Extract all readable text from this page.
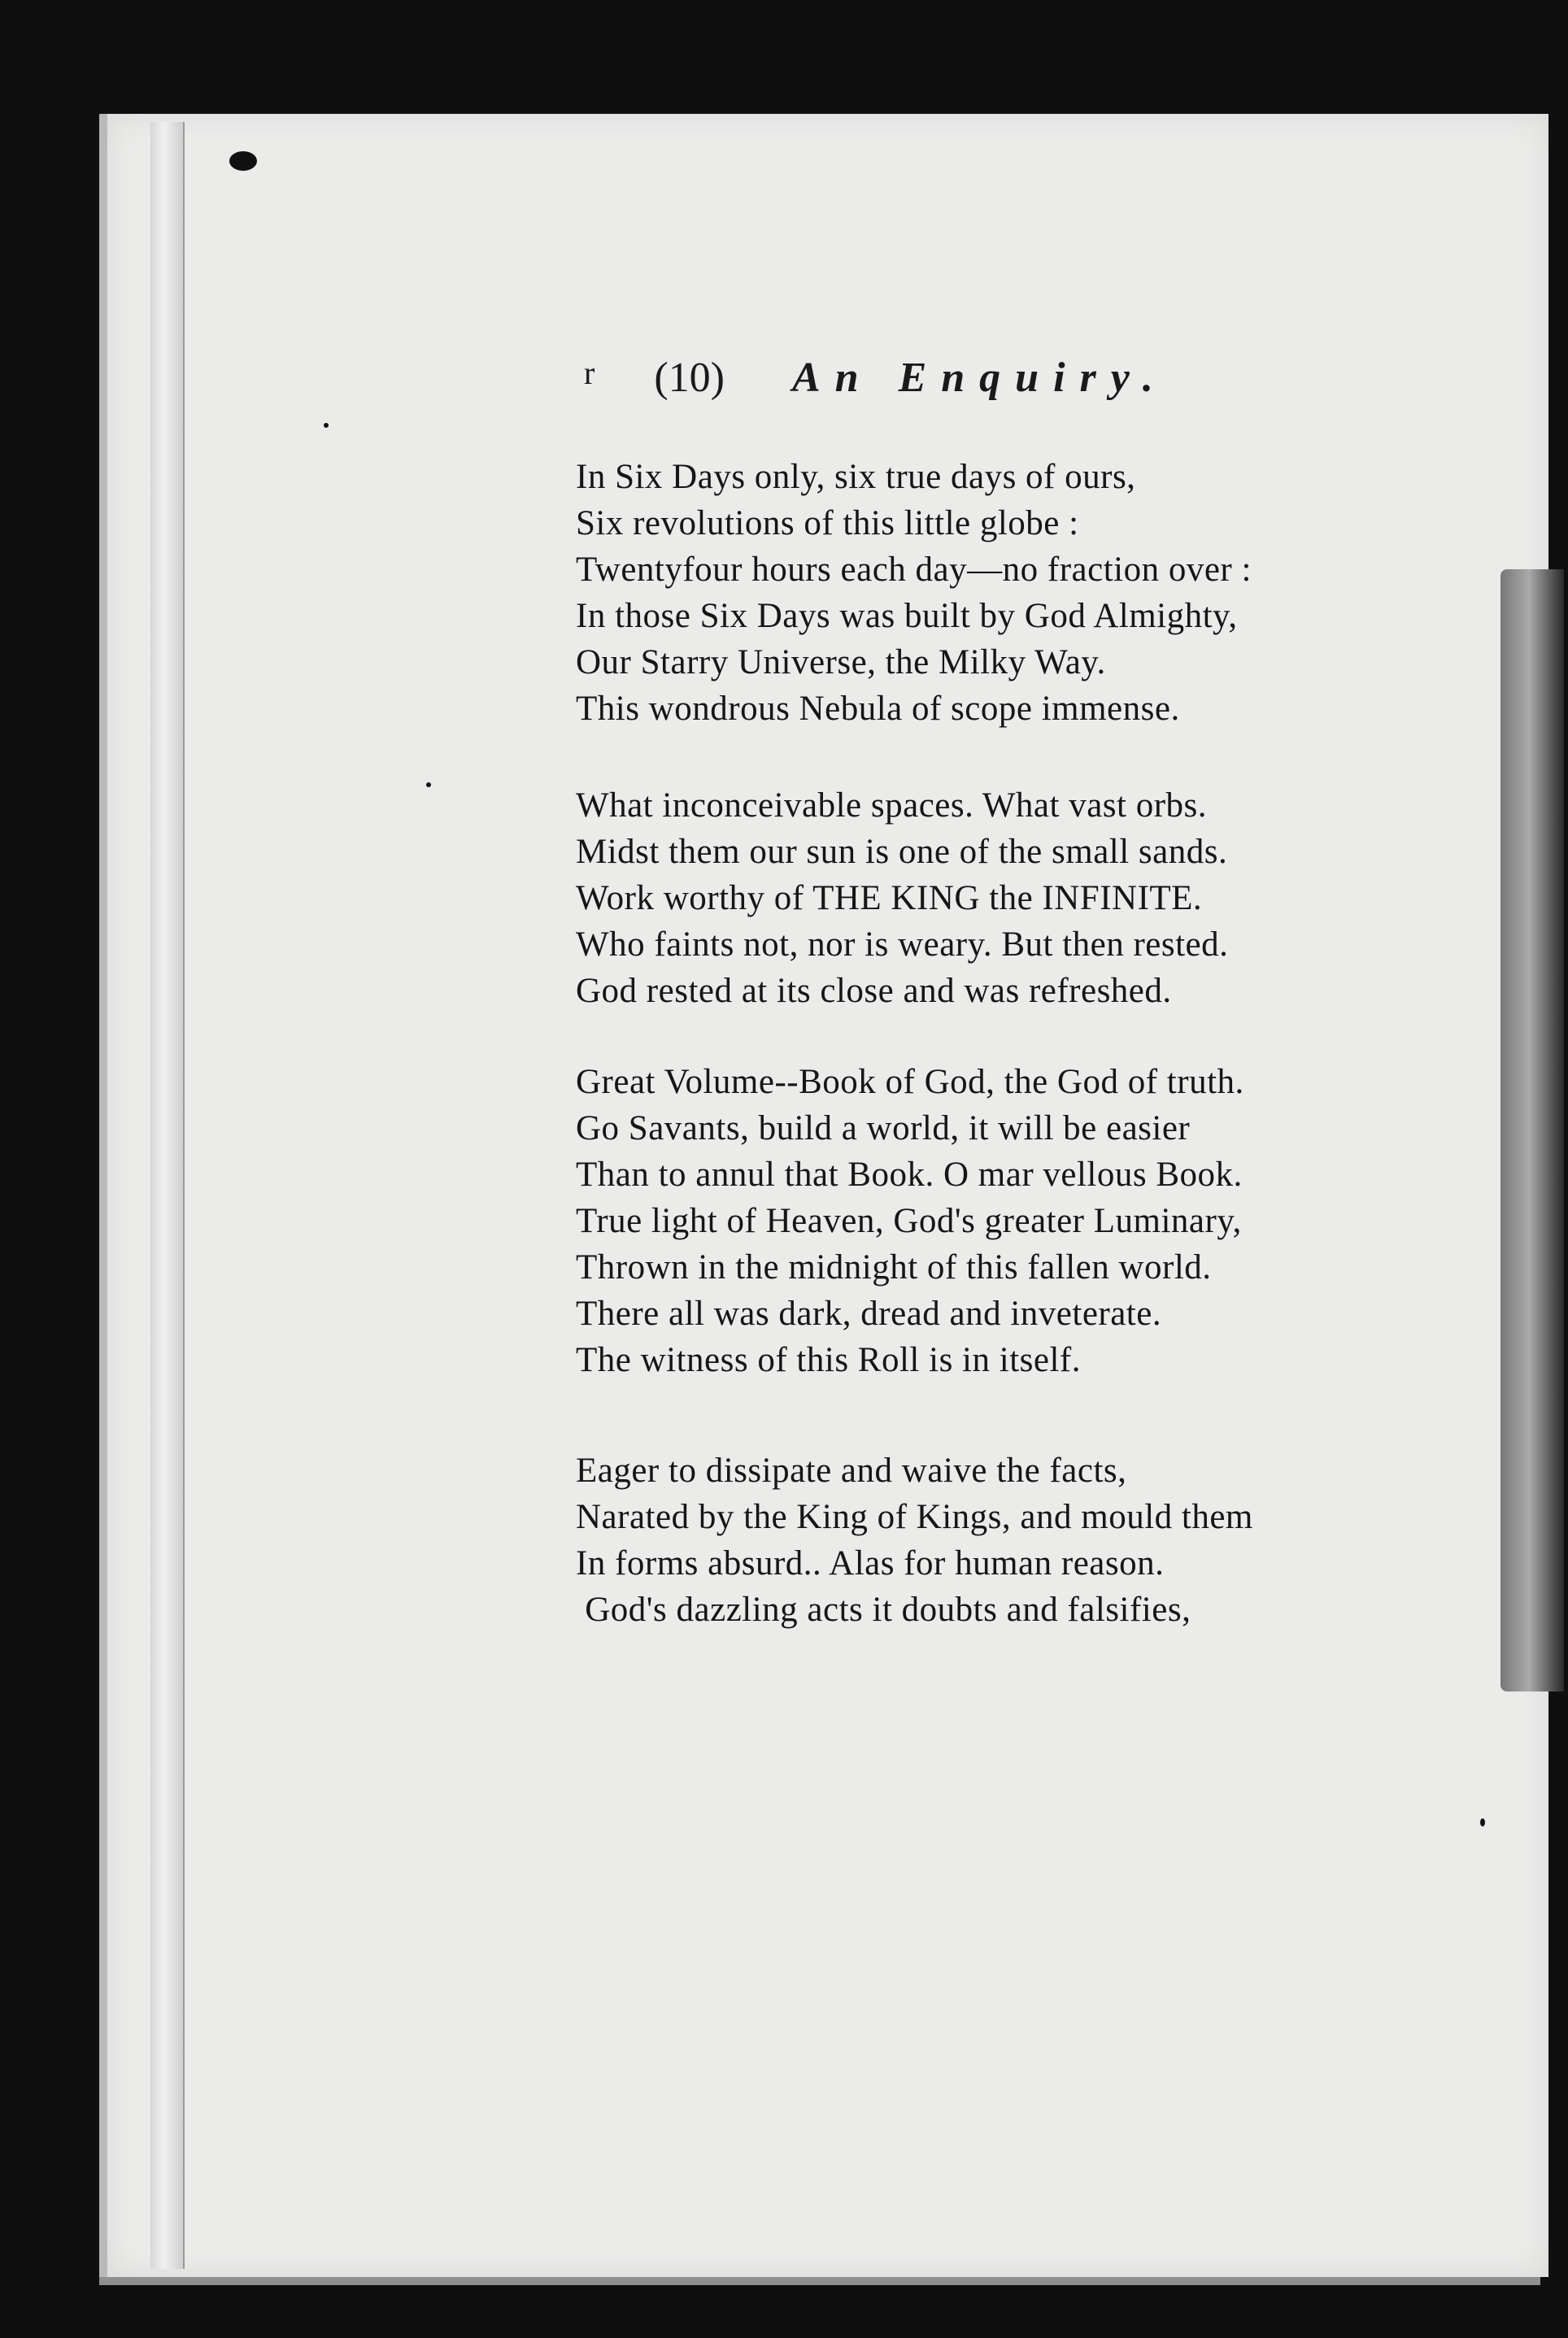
$^r$ (10) An Enquiry.
In Six Days only, six true days of ours,
Six revolutions of this little globe :
Twentyfour hours each day—no fraction over :
In those Six Days was built by God Almighty,
Our Starry Universe, the Milky Way.
This wondrous Nebula of scope immense.
What inconceivable spaces. What vast orbs.
Midst them our sun is one of the small sands.
Work worthy of THE KING the INFINITE.
Who faints not, nor is weary. But then rested.
God rested at its close and was refreshed.
Great Volume--Book of God, the God of truth.
Go Savants, build a world, it will be easier
Than to annul that Book. O mar vellous Book.
True light of Heaven, God's greater Luminary,
Thrown in the midnight of this fallen world.
There all was dark, dread and inveterate.
The witness of this Roll is in itself.
Eager to dissipate and waive the facts,
Narated by the King of Kings, and mould them
In forms absurd.. Alas for human reason.
God's dazzling acts it doubts and falsifies,
